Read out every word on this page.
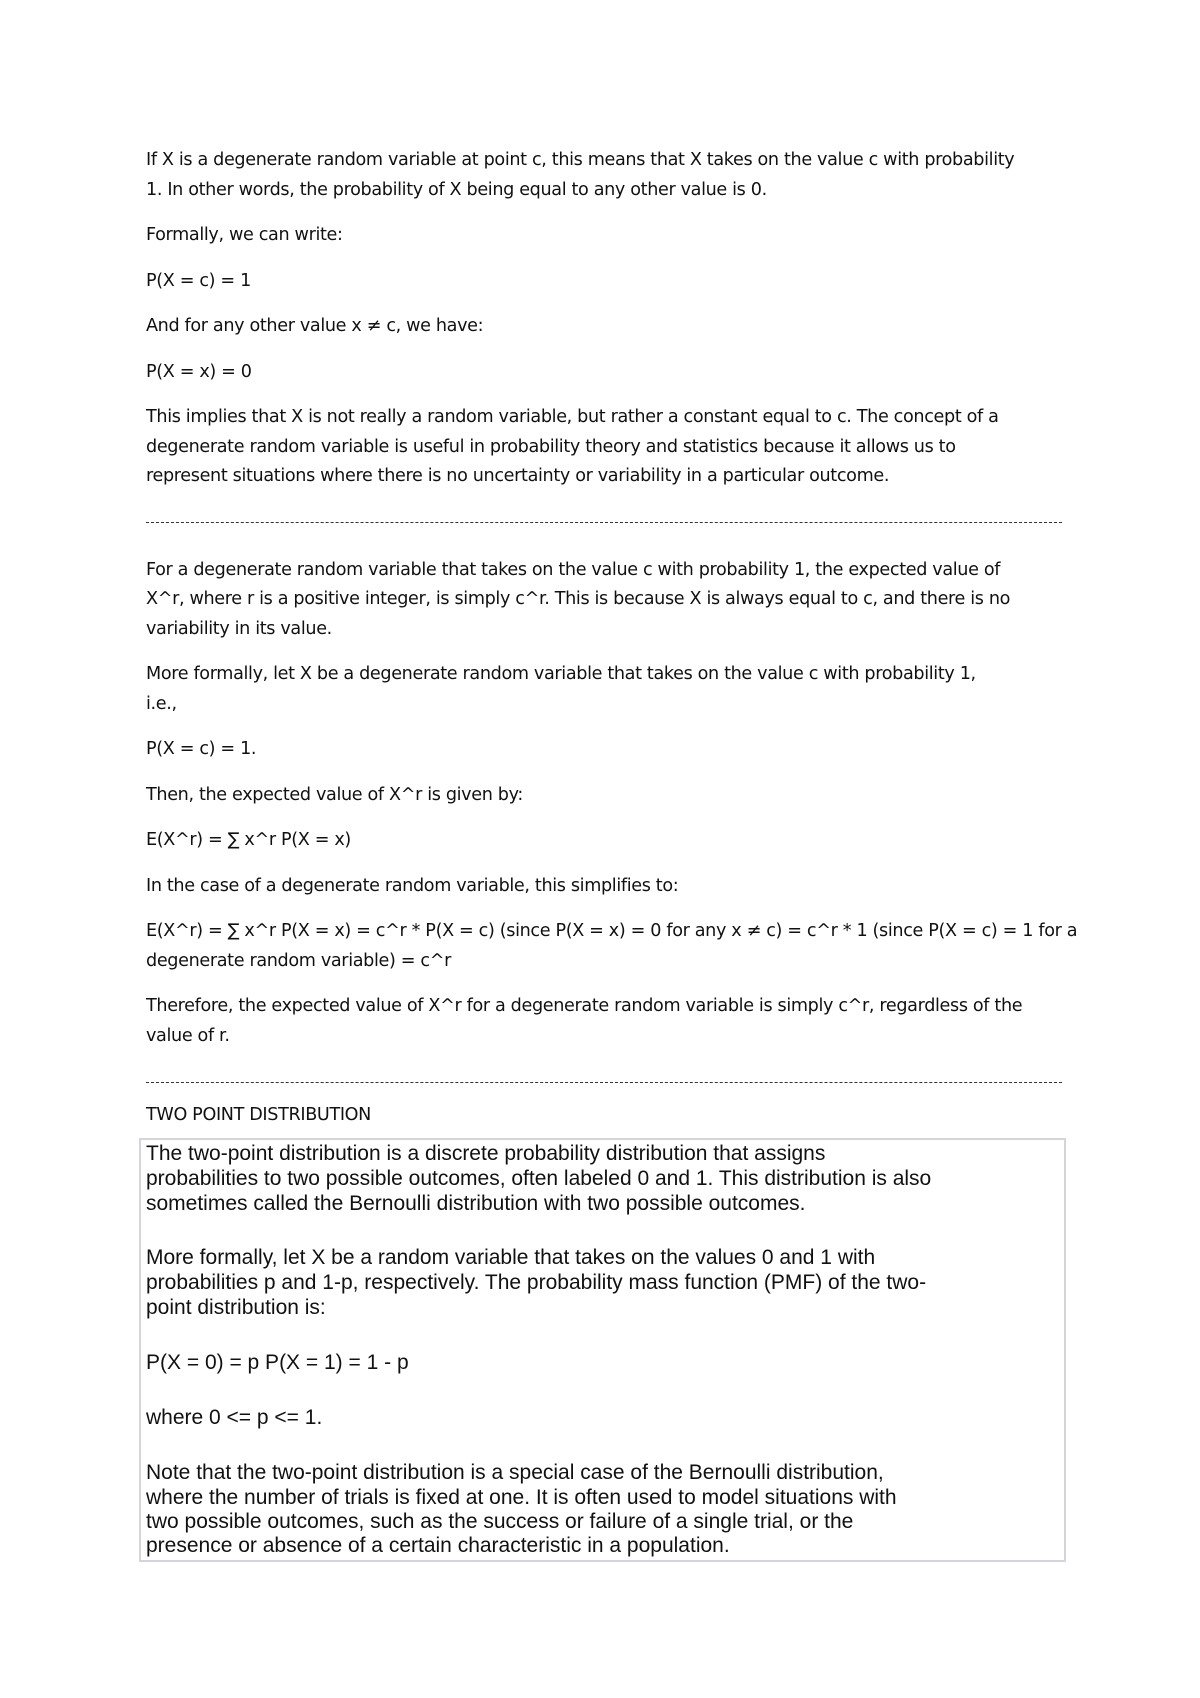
If X is a degenerate random variable at point c, this means that X takes on the value c with probability
1. In other words, the probability of X being equal to any other value is 0.
Formally, we can write:
P(X = c) = 1
And for any other value x ≠ c, we have:
P(X = x) = 0
This implies that X is not really a random variable, but rather a constant equal to c. The concept of a
degenerate random variable is useful in probability theory and statistics because it allows us to
represent situations where there is no uncertainty or variability in a particular outcome.
For a degenerate random variable that takes on the value c with probability 1, the expected value of
X^r, where r is a positive integer, is simply c^r. This is because X is always equal to c, and there is no
variability in its value.
More formally, let X be a degenerate random variable that takes on the value c with probability 1,
i.e.,
P(X = c) = 1.
Then, the expected value of X^r is given by:
E(X^r) = ∑ x^r P(X = x)
In the case of a degenerate random variable, this simplifies to:
E(X^r) = ∑ x^r P(X = x) = c^r * P(X = c) (since P(X = x) = 0 for any x ≠ c) = c^r * 1 (since P(X = c) = 1 for a
degenerate random variable) = c^r
Therefore, the expected value of X^r for a degenerate random variable is simply c^r, regardless of the
value of r.
TWO POINT DISTRIBUTION
The two-point distribution is a discrete probability distribution that assigns
probabilities to two possible outcomes, often labeled 0 and 1. This distribution is also
sometimes called the Bernoulli distribution with two possible outcomes.
More formally, let X be a random variable that takes on the values 0 and 1 with
probabilities p and 1-p, respectively. The probability mass function (PMF) of the two-
point distribution is:
P(X = 0) = p P(X = 1) = 1 - p
where 0 <= p <= 1.
Note that the two-point distribution is a special case of the Bernoulli distribution,
where the number of trials is fixed at one. It is often used to model situations with
two possible outcomes, such as the success or failure of a single trial, or the
presence or absence of a certain characteristic in a population.
